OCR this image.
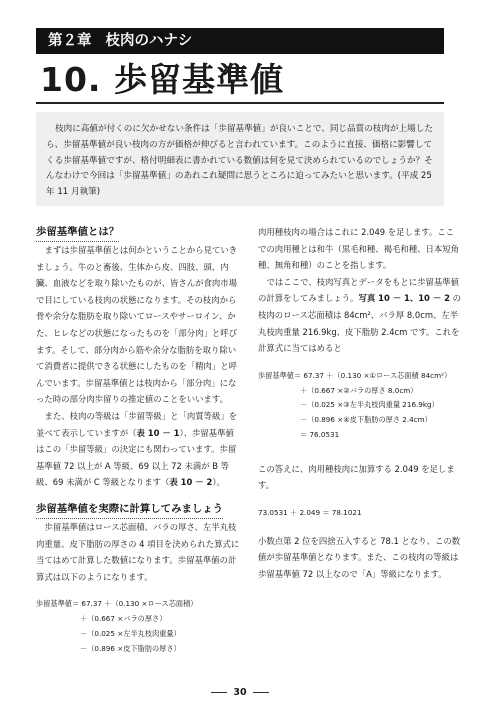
第２章 枝肉のハナシ
10. 歩留基準値
枝肉に高値が付くのに欠かせない条件は「歩留基準値」が良いことで、同じ品質の枝肉が上場したら、歩留基準値が良い枝肉の方が価格が伸びると言われています。このように直接、価格に影響してくる歩留基準値ですが、格付明細表に書かれている数値は何を見て決められているのでしょうか？そんなわけで今回は「歩留基準値」のあれこれ疑問に思うところに迫ってみたいと思います。(平成 25 年 11 月執筆)
歩留基準値とは？

まずは歩留基準値とは何かということから見ていきましょう。牛のと畜後、生体から皮、四肢、頭、内臓、血液などを取り除いたものが、皆さんが食肉市場で目にしている枝肉の状態になります。その枝肉から骨や余分な脂肪を取り除いてロースやサーロイン、かた、ヒレなどの状態になったものを「部分肉」と呼びます。そして、部分肉から筋や余分な脂肪を取り除いて消費者に提供できる状態にしたものを「精肉」と呼んでいます。歩留基準値とは枝肉から「部分肉」になった時の部分肉歩留りの推定値のことをいいます。

また、枝肉の等級は「歩留等級」と「肉質等級」を並べて表示していますが（表 10 － 1）、歩留基準値はこの「歩留等級」の決定にも関わっています。歩留基準値 72 以上が A 等級、69 以上 72 未満が B 等級、69 未満が C 等級となります（表 10 － 2）。

歩留基準値を実際に計算してみましょう

歩留基準値はロース芯面積、バラの厚さ、左半丸枝肉重量、皮下脂肪の厚さの 4 項目を決められた算式に当てはめて計算した数値になります。歩留基準値の計算式は以下のようになります。

歩留基準値＝ 67.37 ＋（0.130 ×ロース芯面積）
＋（0.667 ×バラの厚さ）
－（0.025 ×左半丸枝肉重量）
－（0.896 ×皮下脂肪の厚さ）

肉用種枝肉の場合はこれに 2.049 を足します。ここでの肉用種とは和牛（黒毛和種、褐毛和種、日本短角種、無角和種）のことを指します。

ではここで、枝肉写真とデータをもとに歩留基準値の計算をしてみましょう。写真 10 － 1、10 － 2 の枝肉のロース芯面積は 84cm²、バラ厚 8.0cm、左半丸枝肉重量 216.9kg、皮下脂肪 2.4cm です。これを計算式に当てはめると

歩留基準値＝ 67.37 ＋（0.130 ×①ロース芯面積 84cm²）
＋（0.667 ×②バラの厚さ 8.0cm）
－（0.025 ×③左半丸枝肉重量 216.9kg）
－（0.896 ×④皮下脂肪の厚さ 2.4cm）
＝ 76.0531

この答えに、肉用種枝肉に加算する 2.049 を足します。

73.0531 ＋ 2.049 ＝ 78.1021

小数点第 2 位を四捨五入すると 78.1 となり、この数値が歩留基準値となります。また、この枝肉の等級は歩留基準値 72 以上なので「A」等級になります。

30
